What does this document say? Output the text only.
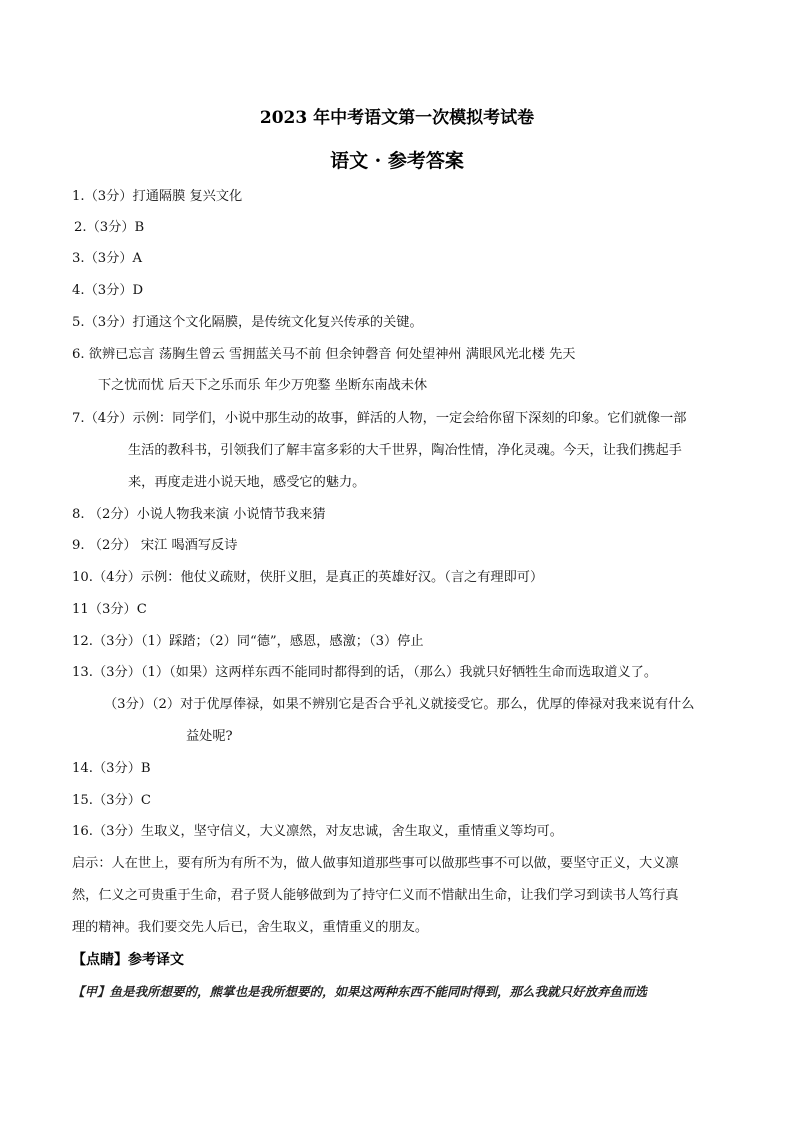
2023 年中考语文第一次模拟考试卷
语文 · 参考答案
1.（3分）打通隔膜 复兴文化
2.（3分）B
3.（3分）A
4.（3分）D
5.（3分）打通这个文化隔膜，是传统文化复兴传承的关键。
6. 欲辨已忘言 荡胸生曾云 雪拥蓝关马不前 但余钟磬音 何处望神州 满眼风光北楼 先天
下之忧而忧 后天下之乐而乐 年少万兜鍪 坐断东南战未休
7.（4分）示例：同学们，小说中那生动的故事，鲜活的人物，一定会给你留下深刻的印象。它们就像一部
生活的教科书，引领我们了解丰富多彩的大千世界，陶冶性情，净化灵魂。今天，让我们携起手
来，再度走进小说天地，感受它的魅力。
8. （2分）小说人物我来演 小说情节我来猜
9. （2分） 宋江 喝酒写反诗
10.（4分）示例：他仗义疏财，侠肝义胆，是真正的英雄好汉。（言之有理即可）
11（3分）C
12.（3分）（1）踩踏；（2）同“德”，感恩，感激；（3）停止
13.（3分）（1）（如果）这两样东西不能同时都得到的话，（那么）我就只好牺牲生命而选取道义了。
（3分）（2）对于优厚俸禄，如果不辨别它是否合乎礼义就接受它。那么，优厚的俸禄对我来说有什么
益处呢?
14.（3分）B
15.（3分）C
16.（3分）生取义，坚守信义，大义凛然，对友忠诚，舍生取义，重情重义等均可。
启示：人在世上，要有所为有所不为，做人做事知道那些事可以做那些事不可以做，要坚守正义，大义凛
然，仁义之可贵重于生命，君子贤人能够做到为了持守仁义而不惜献出生命，让我们学习到读书人笃行真
理的精神。我们要交先人后已，舍生取义，重情重义的朋友。
【点睛】参考译文
【甲】鱼是我所想要的，熊掌也是我所想要的，如果这两种东西不能同时得到，那么我就只好放弃鱼而选
